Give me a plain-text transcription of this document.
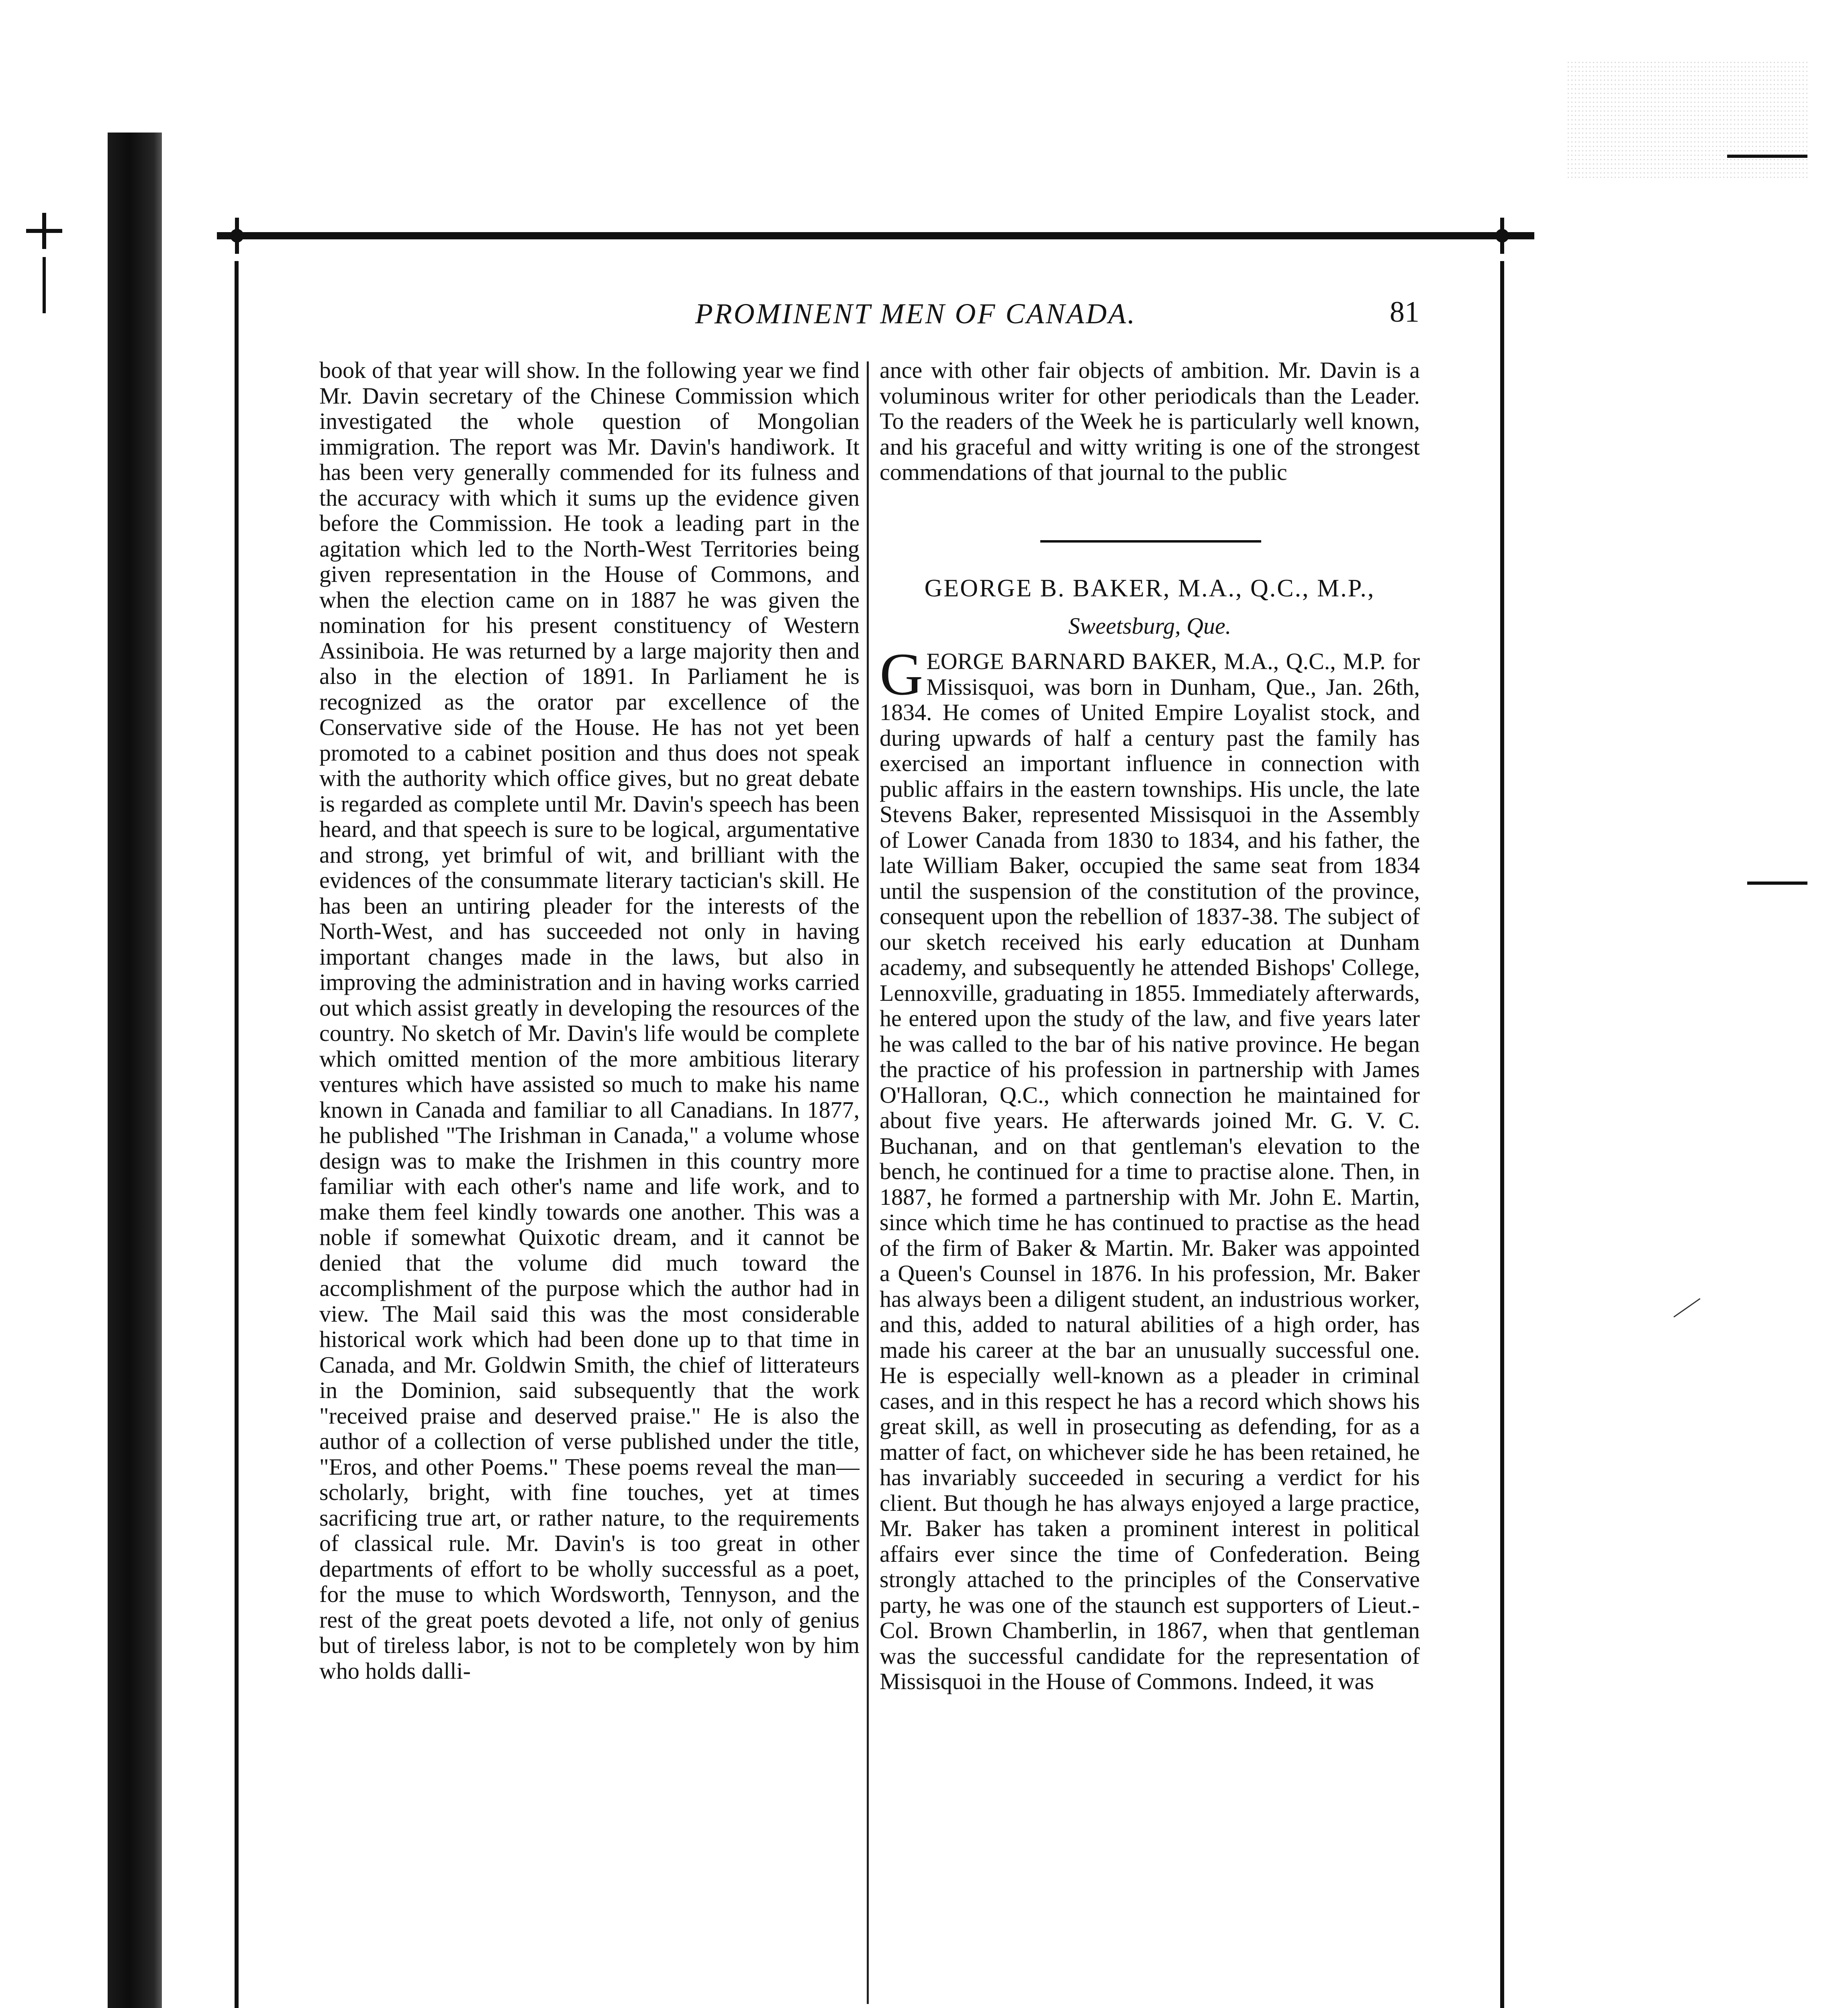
PROMINENT MEN OF CANADA.	81
book of that year will show. In the following year we find Mr. Davin secretary of the Chinese Commission which investigated the whole question of Mongolian immigration. The report was Mr. Davin's handiwork. It has been very generally commended for its fulness and the accuracy with which it sums up the evidence given before the Commission. He took a leading part in the agitation which led to the North-West Territories being given representation in the House of Commons, and when the election came on in 1887 he was given the nomination for his present constituency of Western Assiniboia. He was returned by a large majority then and also in the election of 1891. In Parliament he is recognized as the orator par excellence of the Conservative side of the House. He has not yet been promoted to a cabinet position and thus does not speak with the authority which office gives, but no great debate is regarded as complete until Mr. Davin's speech has been heard, and that speech is sure to be logical, argumentative and strong, yet brimful of wit, and brilliant with the evidences of the consummate literary tactician's skill. He has been an untiring pleader for the interests of the North-West, and has succeeded not only in having important changes made in the laws, but also in improving the administration and in having works carried out which assist greatly in developing the resources of the country. No sketch of Mr. Davin's life would be complete which omitted mention of the more ambitious literary ventures which have assisted so much to make his name known in Canada and familiar to all Canadians. In 1877, he published "The Irishman in Canada," a volume whose design was to make the Irishmen in this country more familiar with each other's name and life work, and to make them feel kindly towards one another. This was a noble if somewhat Quixotic dream, and it cannot be denied that the volume did much toward the accomplishment of the purpose which the author had in view. The Mail said this was the most considerable historical work which had been done up to that time in Canada, and Mr. Goldwin Smith, the chief of litterateurs in the Dominion, said subsequently that the work "received praise and deserved praise." He is also the author of a collection of verse published under the title, "Eros, and other Poems." These poems reveal the man—scholarly, bright, with fine touches, yet at times sacrificing true art, or rather nature, to the requirements of classical rule. Mr. Davin's is too great in other departments of effort to be wholly successful as a poet, for the muse to which Wordsworth, Tennyson, and the rest of the great poets devoted a life, not only of genius but of tireless labor, is not to be completely won by him who holds dalli-
ance with other fair objects of ambition. Mr. Davin is a voluminous writer for other periodicals than the Leader. To the readers of the Week he is particularly well known, and his graceful and witty writing is one of the strongest commendations of that journal to the public
GEORGE B. BAKER, M.A., Q.C., M.P.,
Sweetsburg, Que.
GEORGE BARNARD BAKER, M.A., Q.C., M.P. for Missisquoi, was born in Dunham, Que., Jan. 26th, 1834. He comes of United Empire Loyalist stock, and during upwards of half a century past the family has exercised an important influence in connection with public affairs in the eastern townships. His uncle, the late Stevens Baker, represented Missisquoi in the Assembly of Lower Canada from 1830 to 1834, and his father, the late William Baker, occupied the same seat from 1834 until the suspension of the constitution of the province, consequent upon the rebellion of 1837-38. The subject of our sketch received his early education at Dunham academy, and subsequently he attended Bishops' College, Lennoxville, graduating in 1855. Immediately afterwards, he entered upon the study of the law, and five years later he was called to the bar of his native province. He began the practice of his profession in partnership with James O'Halloran, Q.C., which connection he maintained for about five years. He afterwards joined Mr. G. V. C. Buchanan, and on that gentleman's elevation to the bench, he continued for a time to practise alone. Then, in 1887, he formed a partnership with Mr. John E. Martin, since which time he has continued to practise as the head of the firm of Baker & Martin. Mr. Baker was appointed a Queen's Counsel in 1876. In his profession, Mr. Baker has always been a diligent student, an industrious worker, and this, added to natural abilities of a high order, has made his career at the bar an unusually successful one. He is especially well-known as a pleader in criminal cases, and in this respect he has a record which shows his great skill, as well in prosecuting as defending, for as a matter of fact, on whichever side he has been retained, he has invariably succeeded in securing a verdict for his client. But though he has always enjoyed a large practice, Mr. Baker has taken a prominent interest in political affairs ever since the time of Confederation. Being strongly attached to the principles of the Conservative party, he was one of the staunch est supporters of Lieut.-Col. Brown Chamberlin, in 1867, when that gentleman was the successful candidate for the representation of Missisquoi in the House of Commons. Indeed, it was
